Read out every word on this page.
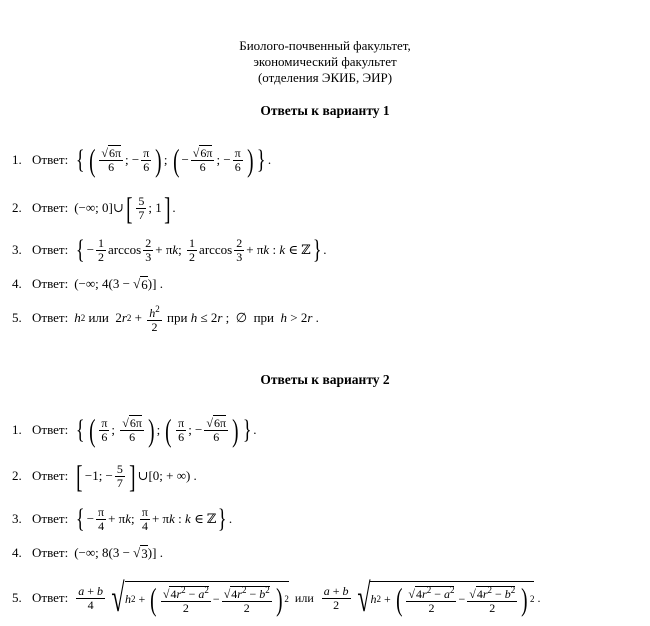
Биолого-почвенный факультет,
экономический факультет
(отделения ЭКИБ, ЭИР)
Ответы к варианту 1
1. Ответ: { ( $\frac{√6\pi}{6}$ ; − $\frac{\pi}{6}$ ) ; ( − $\frac{√6\pi}{6}$ ; − $\frac{\pi}{6}$ ) } .
2. Ответ: (−∞; 0]∪ [ $\frac{5}{7}$ ; 1 ] .
3. Ответ: { − $\frac{1}{2}$ $\arccos \frac{2}{3} + \pi$ k ; $\frac{1}{2}$ $\arccos \frac{2}{3} + \pi$ k : k ∈ ℤ } .
4. Ответ: (−∞; 4(3 − √ 6 )] .
5. Ответ: h 2
или 2 r $2 + \frac{h^2}{2}$
при
h ≤ 2 r ;  ∅ при
h > 2 r .
Ответы к варианту 2
1. Ответ: { ( $\frac{\pi}{6}$ ; $\frac{√6\pi}{6}$ ) ; ( $\frac{\pi}{6}$ ; − $\frac{√6\pi}{6}$ ) } .
2. Ответ: [ −1; − $\frac{5}{7}$ ] ∪[0; + ∞) .
3. Ответ: { − $\frac{\pi}{4} + \pi$ k ; $\frac{\pi}{4} + \pi$ k : k ∈ ℤ } .
4. Ответ: (−∞; 8(3 − √ 3 )] .
5. Ответ: $\frac{a + b}{4}$ √ h 2 + ( $\frac{√4r^2 - a^2}{2} - \frac{√4r^2 - b^2}{2}$ ) 2
или
$\frac{a + b}{2}$ √ h 2 + ( $\frac{√4r^2 - a^2}{2} - \frac{√4r^2 - b^2}{2}$ ) 2 .
